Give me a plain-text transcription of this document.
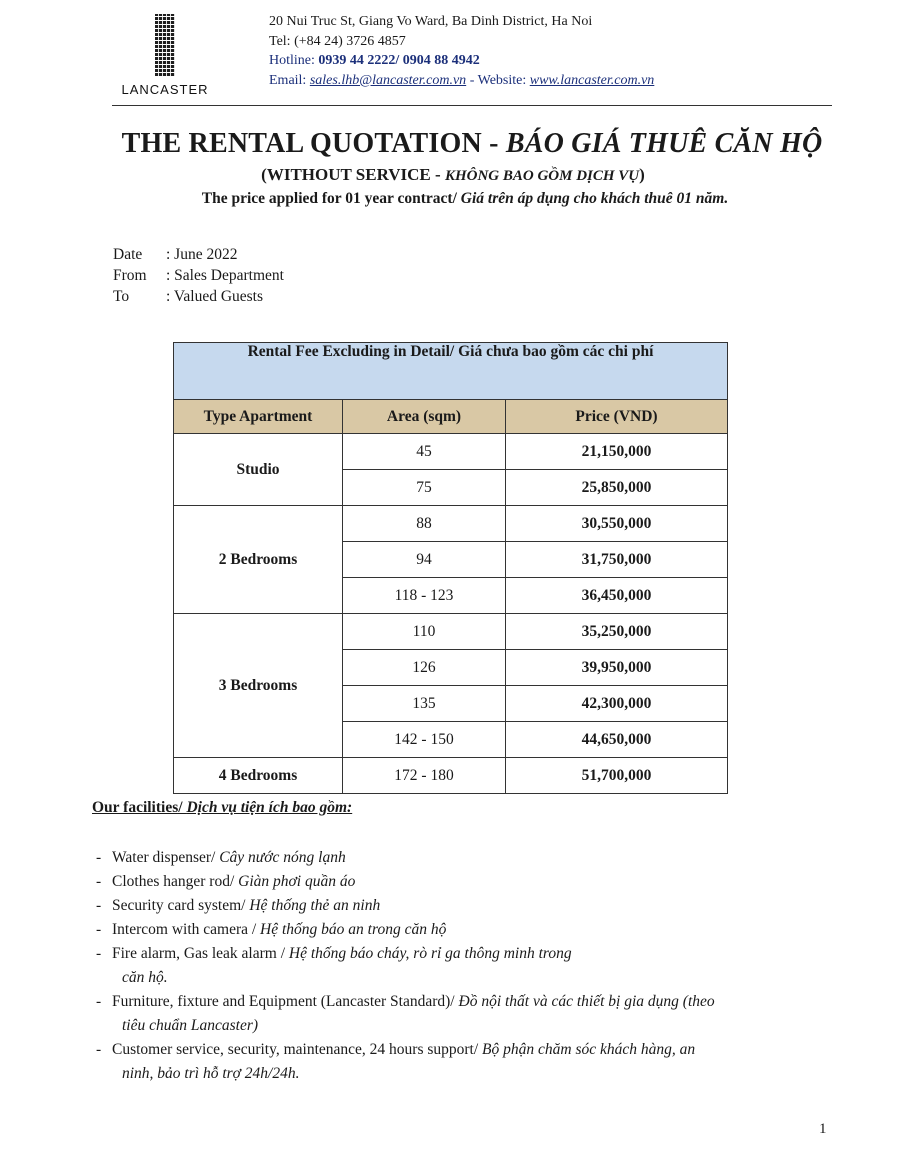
LANCASTER
20 Nui Truc St, Giang Vo Ward, Ba Dinh District, Ha Noi
Tel: (+84 24) 3726 4857
Hotline: 0939 44 2222/ 0904 88 4942
Email: sales.lhb@lancaster.com.vn - Website: www.lancaster.com.vn
THE RENTAL QUOTATION - BÁO GIÁ THUÊ CĂN HỘ
(WITHOUT SERVICE - KHÔNG BAO GỒM DỊCH VỤ)
The price applied for 01 year contract/ Giá trên áp dụng cho khách thuê 01 năm.
Date : June 2022
From : Sales Department
To : Valued Guests
Rental Fee Excluding in Detail/ Giá chưa bao gồm các chi phí		
Type Apartment	Area (sqm)	Price (VND)
Studio	45	21,150,000
	75	25,850,000
2 Bedrooms	88	30,550,000
	94	31,750,000
	118 - 123	36,450,000
3 Bedrooms	110	35,250,000
	126	39,950,000
	135	42,300,000
	142 - 150	44,650,000
4 Bedrooms	172 - 180	51,700,000
Our facilities/ Dịch vụ tiện ích bao gồm:
- Water dispenser/ Cây nước nóng lạnh
- Clothes hanger rod/ Giàn phơi quần áo
- Security card system/ Hệ thống thẻ an ninh
- Intercom with camera / Hệ thống báo an trong căn hộ
- Fire alarm, Gas leak alarm / Hệ thống báo cháy, rò rỉ ga thông minh trong
căn hộ.
- Furniture, fixture and Equipment (Lancaster Standard)/ Đồ nội thất và các thiết bị gia dụng (theo
tiêu chuẩn Lancaster)
- Customer service, security, maintenance, 24 hours support/ Bộ phận chăm sóc khách hàng, an
ninh, bảo trì hỗ trợ 24h/24h.
1
